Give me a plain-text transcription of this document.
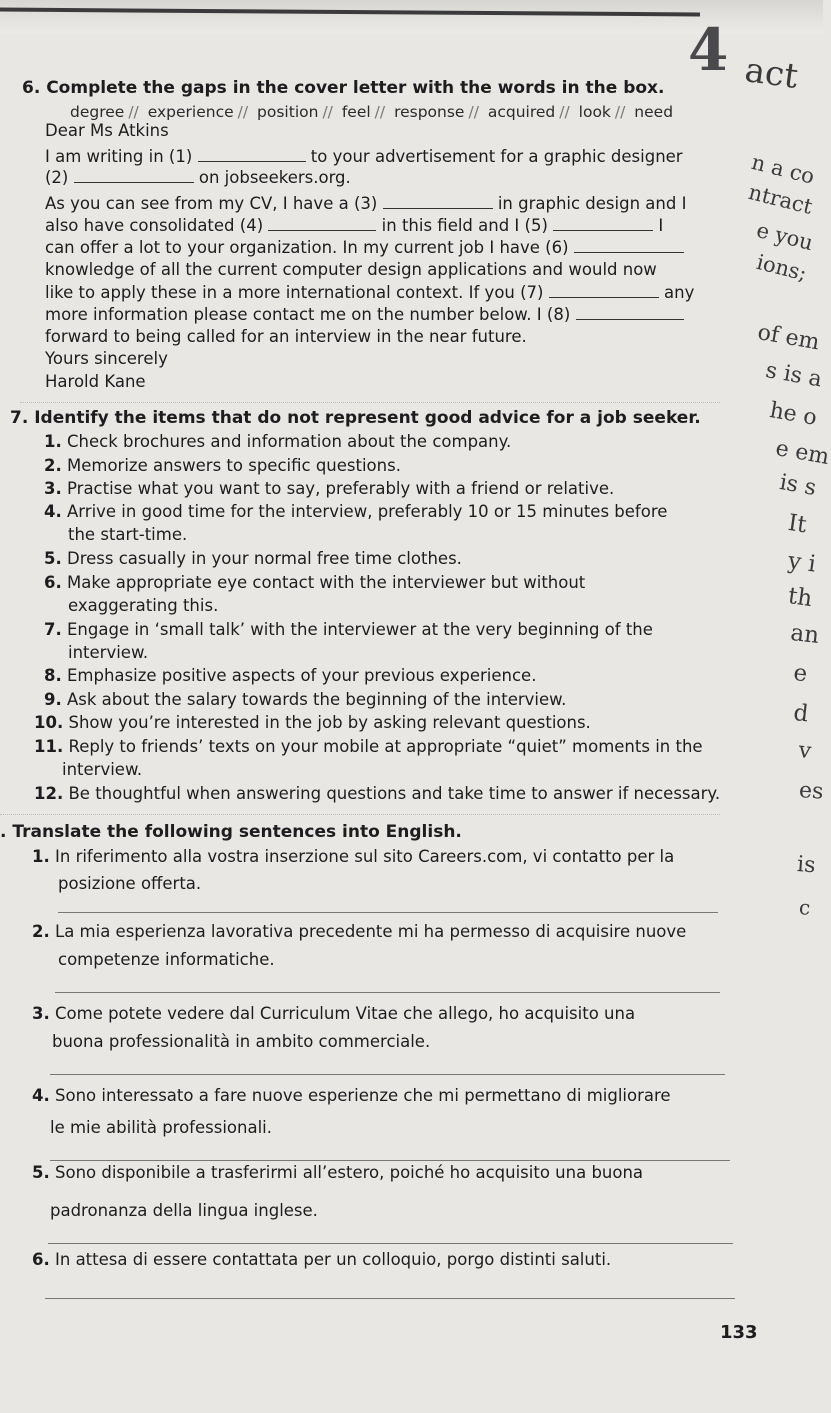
4 act
6. Complete the gaps in the cover letter with the words in the box.
degree // experience // position // feel // response // acquired // look // need
Dear Ms Atkins
I am writing in (1)	to your advertisement for a graphic designer
(2)	on jobseekers.org.
As you can see from my CV, I have a (3)	in graphic design and I
also have consolidated (4)	in this field and I (5)	I
can offer a lot to your organization. In my current job I have (6)
knowledge of all the current computer design applications and would now
like to apply these in a more international context. If you (7)	any
more information please contact me on the number below. I (8)
forward to being called for an interview in the near future.
Yours sincerely
Harold Kane
7. Identify the items that do not represent good advice for a job seeker.
1. Check brochures and information about the company.
2. Memorize answers to specific questions.
3. Practise what you want to say, preferably with a friend or relative.
4. Arrive in good time for the interview, preferably 10 or 15 minutes before
the start-time.
5. Dress casually in your normal free time clothes.
6. Make appropriate eye contact with the interviewer but without
exaggerating this.
7. Engage in ‘small talk’ with the interviewer at the very beginning of the
interview.
8. Emphasize positive aspects of your previous experience.
9. Ask about the salary towards the beginning of the interview.
10. Show you’re interested in the job by asking relevant questions.
11. Reply to friends’ texts on your mobile at appropriate “quiet” moments in the
interview.
12. Be thoughtful when answering questions and take time to answer if necessary.
. Translate the following sentences into English.
1. In riferimento alla vostra inserzione sul sito Careers.com, vi contatto per la
posizione offerta.
2. La mia esperienza lavorativa precedente mi ha permesso di acquisire nuove
competenze informatiche.
3. Come potete vedere dal Curriculum Vitae che allego, ho acquisito una
buona professionalità in ambito commerciale.
4. Sono interessato a fare nuove esperienze che mi permettano di migliorare
le mie abilità professionali.
5. Sono disponibile a trasferirmi all’estero, poiché ho acquisito una buona
padronanza della lingua inglese.
6. In attesa di essere contattata per un colloquio, porgo distinti saluti.
133
n a co
ntract
e you
ions;
of em
s is a
he o
e em
is s
It
y i
th
an
e
d
v
es
is
c
